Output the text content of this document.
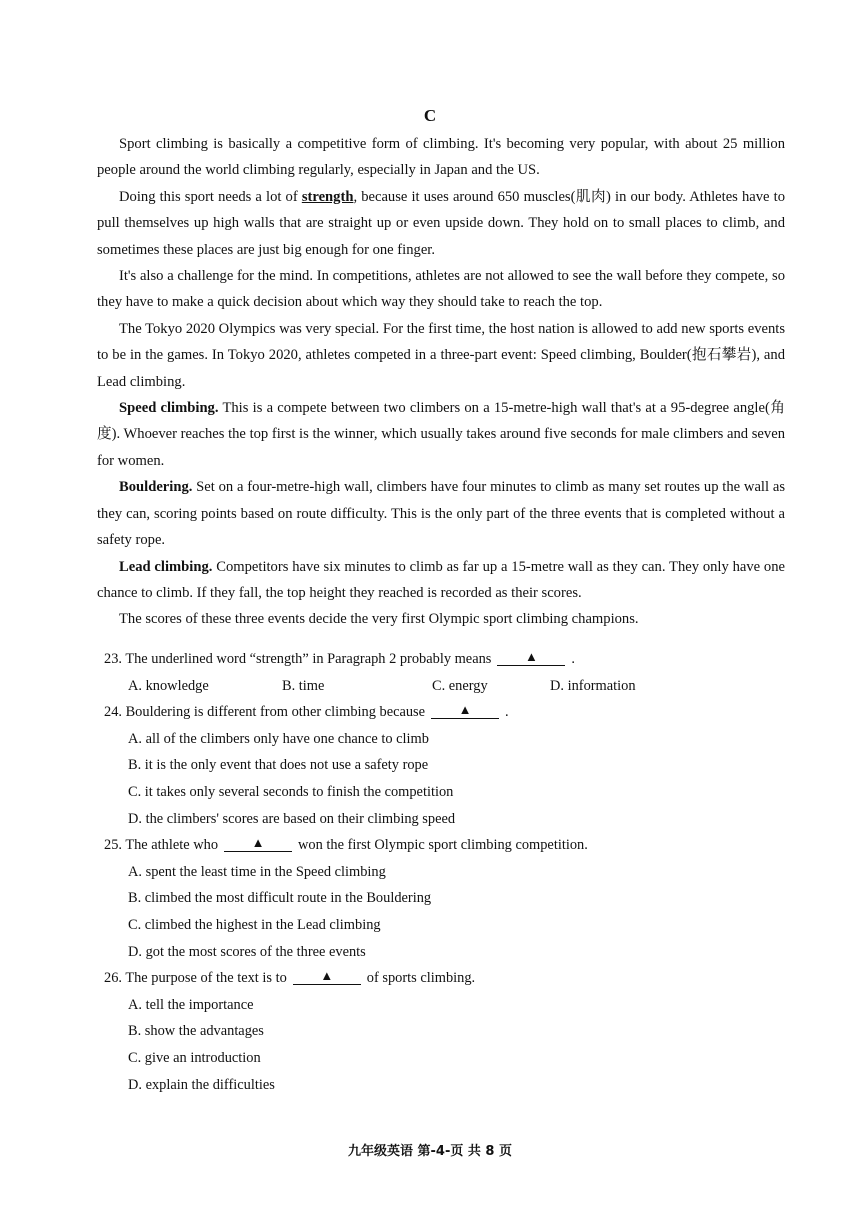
C

Sport climbing is basically a competitive form of climbing. It's becoming very popular, with about 25 million people around the world climbing regularly, especially in Japan and the US.

Doing this sport needs a lot of strength, because it uses around 650 muscles(肌肉) in our body. Athletes have to pull themselves up high walls that are straight up or even upside down. They hold on to small places to climb, and sometimes these places are just big enough for one finger.

It's also a challenge for the mind. In competitions, athletes are not allowed to see the wall before they compete, so they have to make a quick decision about which way they should take to reach the top.

The Tokyo 2020 Olympics was very special. For the first time, the host nation is allowed to add new sports events to be in the games. In Tokyo 2020, athletes competed in a three-part event: Speed climbing, Boulder(抱石攀岩), and Lead climbing.

Speed climbing. This is a compete between two climbers on a 15-metre-high wall that's at a 95-degree angle(角度). Whoever reaches the top first is the winner, which usually takes around five seconds for male climbers and seven for women.

Bouldering. Set on a four-metre-high wall, climbers have four minutes to climb as many set routes up the wall as they can, scoring points based on route difficulty. This is the only part of the three events that is completed without a safety rope.

Lead climbing. Competitors have six minutes to climb as far up a 15-metre wall as they can. They only have one chance to climb. If they fall, the top height they reached is recorded as their scores.

The scores of these three events decide the very first Olympic sport climbing champions.

23. The underlined word “strength” in Paragraph 2 probably means	▲ .

A. knowledge	B. time	C. energy	D. information

24. Bouldering is different from other climbing because	▲ .

A. all of the climbers only have one chance to climb

B. it is the only event that does not use a safety rope

C. it takes only several seconds to finish the competition

D. the climbers' scores are based on their climbing speed

25. The athlete who	▲ won the first Olympic sport climbing competition.

A. spent the least time in the Speed climbing

B. climbed the most difficult route in the Bouldering

C. climbed the highest in the Lead climbing

D. got the most scores of the three events

26. The purpose of the text is to	▲ of sports climbing.

A. tell the importance

B. show the advantages

C. give an introduction

D. explain the difficulties

九年级英语 第-4-页 共 8 页
